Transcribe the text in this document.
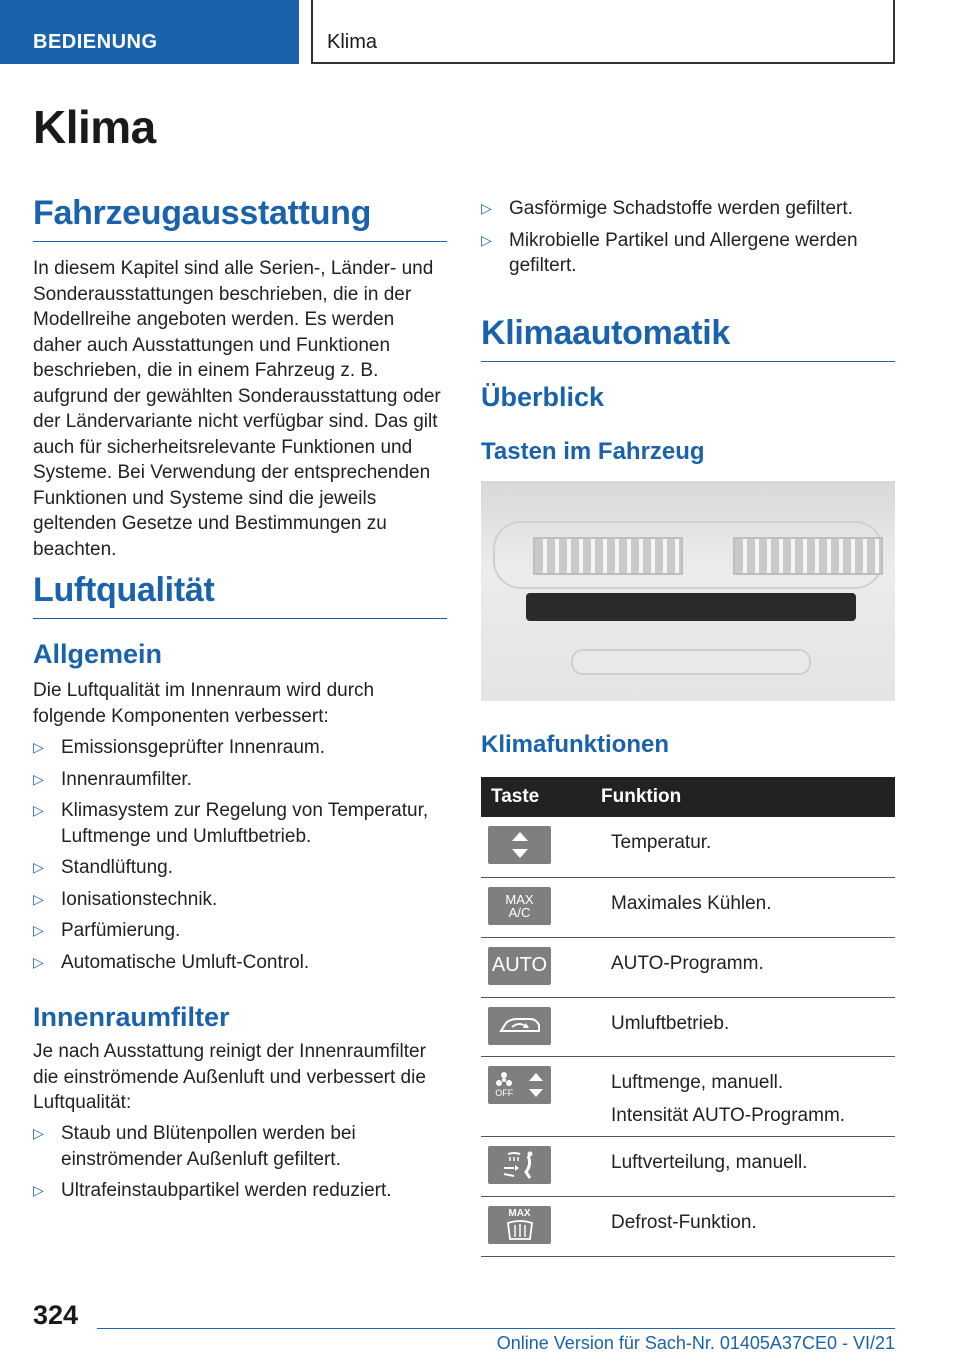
BEDIENUNG	Klima
Klima
Fahrzeugausstattung
In diesem Kapitel sind alle Serien-, Länder- und Sonderausstattungen beschrieben, die in der Modellreihe angeboten werden. Es werden daher auch Ausstattungen und Funktionen beschrieben, die in einem Fahrzeug z. B. aufgrund der gewählten Sonderausstattung oder der Ländervariante nicht verfügbar sind. Das gilt auch für sicherheitsrelevante Funktionen und Systeme. Bei Verwendung der entsprechenden Funktionen und Systeme sind die jeweils geltenden Gesetze und Bestimmungen zu beachten.
Luftqualität
Allgemein
Die Luftqualität im Innenraum wird durch folgende Komponenten verbessert:
▷ Emissionsgeprüfter Innenraum.
▷ Innenraumfilter.
▷ Klimasystem zur Regelung von Temperatur, Luftmenge und Umluftbetrieb.
▷ Standlüftung.
▷ Ionisationstechnik.
▷ Parfümierung.
▷ Automatische Umluft-Control.
Innenraumfilter
Je nach Ausstattung reinigt der Innenraumfilter die einströmende Außenluft und verbessert die Luftqualität:
▷ Staub und Blütenpollen werden bei einströmender Außenluft gefiltert.
▷ Ultrafeinstaubpartikel werden reduziert.
▷ Gasförmige Schadstoffe werden gefiltert.
▷ Mikrobielle Partikel und Allergene werden gefiltert.
Klimaautomatik
Überblick
Tasten im Fahrzeug
Klimafunktionen
Taste	Funktion

	Temperatur.

MAX
A/C	Maximales Kühlen.

AUTO	AUTO-Programm.

	Umluftbetrieb.

OFF	Luftmenge, manuell.
Intensität AUTO-Programm.

	Luftverteilung, manuell.

MAX	Defrost-Funktion.
324
Online Version für Sach-Nr. 01405A37CE0 - VI/21
